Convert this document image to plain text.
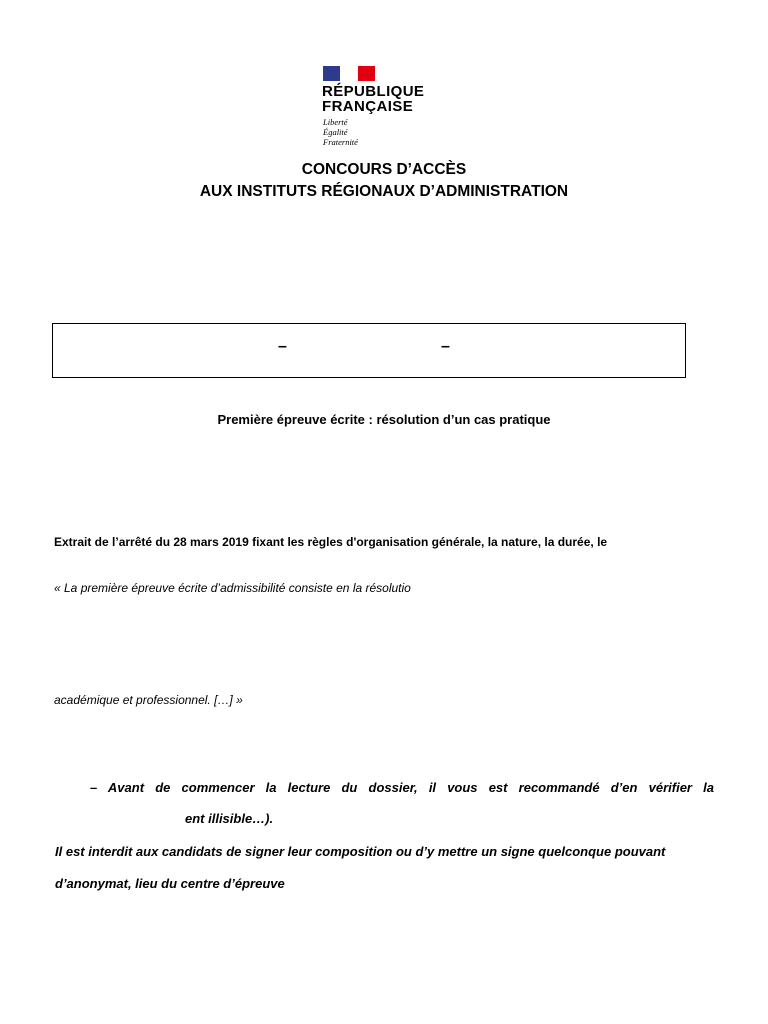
RÉPUBLIQUE
FRANÇAISE
Liberté
Égalité
Fraternité
CONCOURS D’ACCÈS
AUX INSTITUTS RÉGIONAUX D’ADMINISTRATION
–	–
Première épreuve écrite : résolution d’un cas pratique
Extrait de l’arrêté du 28 mars 2019 fixant les règles d'organisation générale, la nature, la durée, le
« La première épreuve écrite d’admissibilité consiste en la résolutio
académique et professionnel. […] »
– Avant de commencer la lecture du dossier, il vous est recommandé d’en vérifier la
ent illisible…).
Il est interdit aux candidats de signer leur composition ou d’y mettre un signe quelconque pouvant
d’anonymat, lieu du centre d’épreuve
